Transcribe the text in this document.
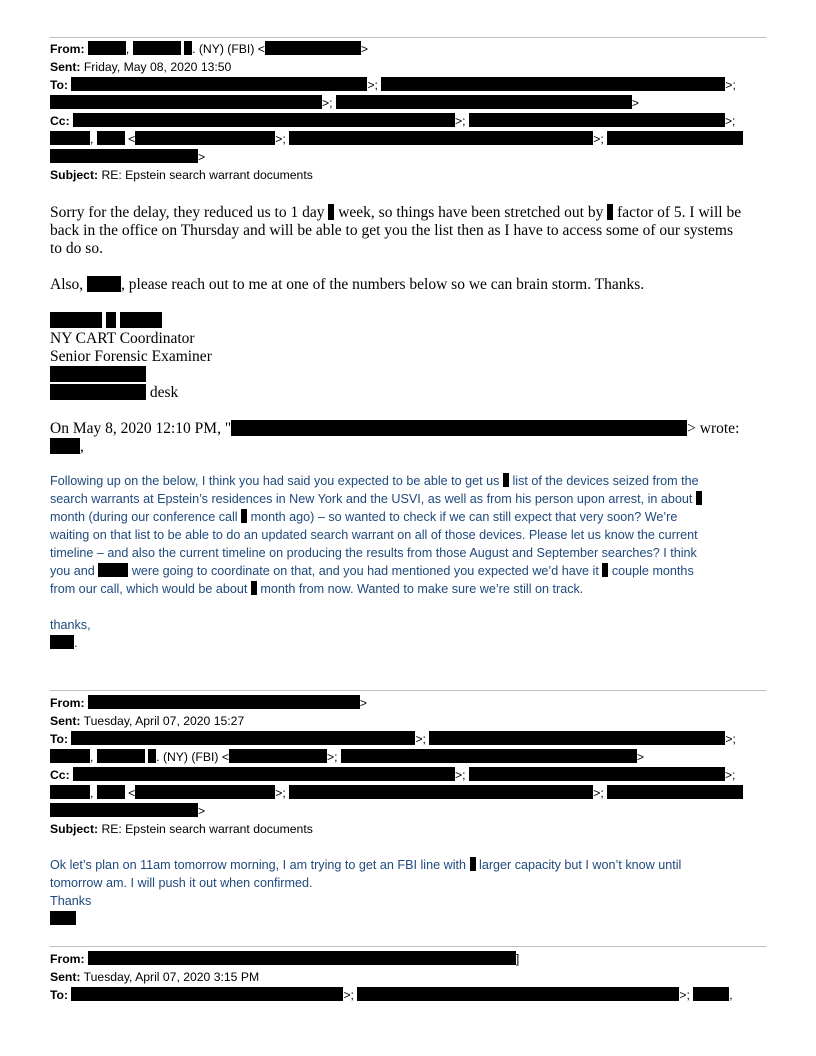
From:	,	. (NY) (FBI) <	>
Sent: Friday, May 08, 2020 13:50
To:	>;	>;
>;	>
Cc:	>;	>;
,	<	>;	>;
>
Subject: RE: Epstein search warrant documents
Sorry for the delay, they reduced us to 1 day week, so things have been stretched out by factor of 5. I will be
back in the office on Thursday and will be able to get you the list then as I have to access some of our systems
to do so.
Also, , please reach out to me at one of the numbers below so we can brain storm. Thanks.

NY CART Coordinator
Senior Forensic Examiner
desk
On May 8, 2020 12:10 PM, "	> wrote:
,
Following up on the below, I think you had said you expected to be able to get us list of the devices seized from the
search warrants at Epstein’s residences in New York and the USVI, as well as from his person upon arrest, in about
month (during our conference call month ago) – so wanted to check if we can still expect that very soon? We’re
waiting on that list to be able to do an updated search warrant on all of those devices. Please let us know the current
timeline – and also the current timeline on producing the results from those August and September searches? I think
you and	were going to coordinate on that, and you had mentioned you expected we’d have it couple months
from our call, which would be about month from now. Wanted to make sure we’re still on track.
thanks,
.
From:	>
Sent: Tuesday, April 07, 2020 15:27
To:	>;	>;
,	. (NY) (FBI) <	>;	>
Cc:	>;	>;
,	<	>;	>;
>
Subject: RE: Epstein search warrant documents
Ok let’s plan on 11am tomorrow morning, I am trying to get an FBI line with larger capacity but I won’t know until
tomorrow am. I will push it out when confirmed.
Thanks
From:	]
Sent: Tuesday, April 07, 2020 3:15 PM
To:	>;	>;	,
